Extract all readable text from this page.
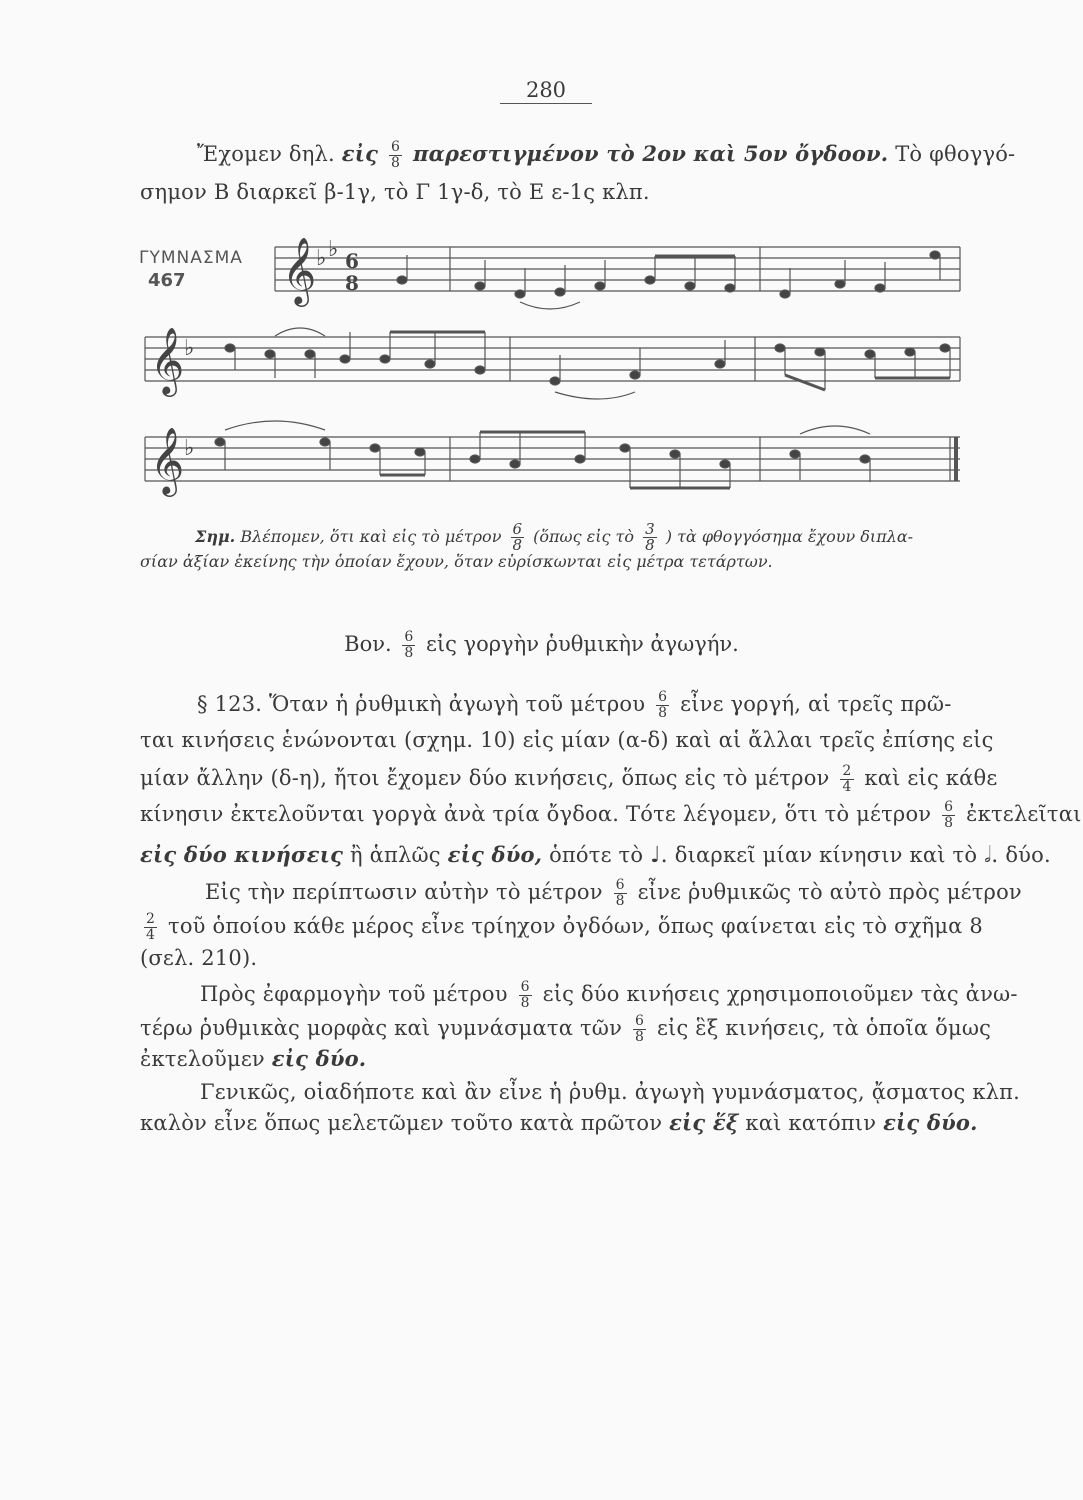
280
Ἔχομεν δηλ. εἰς $\frac{6}{8}$ παρεστιγμένον τὸ 2ον καὶ 5ον ὄγδοον. Τὸ φθογγό-
σημον Β διαρκεῖ β-1γ, τὸ Γ 1γ-δ, τὸ Ε ε-1ς κλπ.
ΓΥΜΝΑΣΜΑ
467 𝄞 ♭ ♭ 6
8
𝄞 ♭
𝄞 ♭
Σημ. Βλέπομεν, ὅτι καὶ εἰς τὸ μέτρον $\frac{6}{8}$ (ὅπως εἰς τὸ $\frac{3}{8}$ ) τὰ φθογγόσημα ἔχουν διπλα-
σίαν ἀξίαν ἐκείνης τὴν ὁποίαν ἔχουν, ὅταν εὑρίσκωνται εἰς μέτρα τετάρτων.
Βον. $\frac{6}{8}$ εἰς γοργὴν ῥυθμικὴν ἀγωγήν.
§ 123. Ὅταν ἡ ῥυθμικὴ ἀγωγὴ τοῦ μέτρου $\frac{6}{8}$ εἶνε γοργή, αἱ τρεῖς πρῶ-
ται κινήσεις ἑνώνονται (σχημ. 10) εἰς μίαν (α-δ) καὶ αἱ ἄλλαι τρεῖς ἐπίσης εἰς
μίαν ἄλλην (δ-η), ἤτοι ἔχομεν δύο κινήσεις, ὅπως εἰς τὸ μέτρον $\frac{2}{4}$ καὶ εἰς κάθε
κίνησιν ἐκτελοῦνται γοργὰ ἀνὰ τρία ὄγδοα. Τότε λέγομεν, ὅτι τὸ μέτρον $\frac{6}{8}$ ἐκτελεῖται
εἰς δύο κινήσεις ἢ ἁπλῶς εἰς δύο, ὁπότε τὸ ♩. διαρκεῖ μίαν κίνησιν καὶ τὸ 𝅗𝅥. δύο.
Εἰς τὴν περίπτωσιν αὐτὴν τὸ μέτρον $\frac{6}{8}$ εἶνε ῥυθμικῶς τὸ αὐτὸ πρὸς μέτρον
$\frac{2}{4}$ τοῦ ὁποίου κάθε μέρος εἶνε τρίηχον ὀγδόων, ὅπως φαίνεται εἰς τὸ σχῆμα 8
(σελ. 210).
Πρὸς ἐφαρμογὴν τοῦ μέτρου $\frac{6}{8}$ εἰς δύο κινήσεις χρησιμοποιοῦμεν τὰς ἀνω-
τέρω ῥυθμικὰς μορφὰς καὶ γυμνάσματα τῶν $\frac{6}{8}$ εἰς ἓξ κινήσεις, τὰ ὁποῖα ὅμως
ἐκτελοῦμεν εἰς δύο.
Γενικῶς, οἱαδήποτε καὶ ἂν εἶνε ἡ ῥυθμ. ἀγωγὴ γυμνάσματος, ᾄσματος κλπ.
καλὸν εἶνε ὅπως μελετῶμεν τοῦτο κατὰ πρῶτον εἰς ἕξ καὶ κατόπιν εἰς δύο.
